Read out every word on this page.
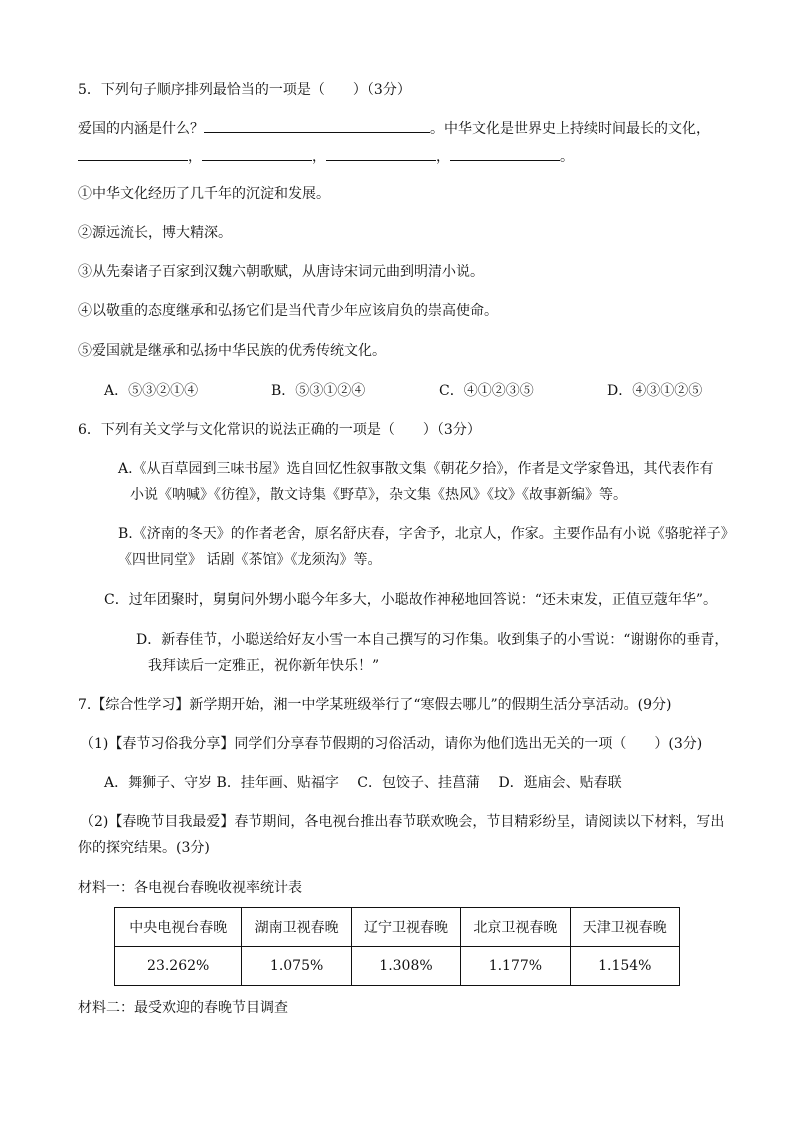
5．下列句子顺序排列最恰当的一项是（　　）（3分）
爱国的内涵是什么？	。中华文化是世界史上持续时间最长的文化，
，	，	，	。
①中华文化经历了几千年的沉淀和发展。
②源远流长，博大精深。
③从先秦诸子百家到汉魏六朝歌赋，从唐诗宋词元曲到明清小说。
④以敬重的态度继承和弘扬它们是当代青少年应该肩负的崇高使命。
⑤爱国就是继承和弘扬中华民族的优秀传统文化。
A．⑤③②①④	B．⑤③①②④	C．④①②③⑤	D．④③①②⑤
6．下列有关文学与文化常识的说法正确的一项是（　　）（3分）
A.《从百草园到三味书屋》选自回忆性叙事散文集《朝花夕拾》，作者是文学家鲁迅，其代表作有
小说《呐喊》《彷徨》，散文诗集《野草》，杂文集《热风》《坟》《故事新编》等。
B.《济南的冬天》的作者老舍，原名舒庆春，字舍予，北京人，作家。主要作品有小说《骆驼祥子》
《四世同堂》 话剧《茶馆》《龙须沟》等。
C．过年团聚时，舅舅问外甥小聪今年多大，小聪故作神秘地回答说：“还未束发，正值豆蔻年华”。
D．新春佳节，小聪送给好友小雪一本自己撰写的习作集。收到集子的小雪说：“谢谢你的垂青，
我拜读后一定雅正，祝你新年快乐！”
7.【综合性学习】新学期开始，湘一中学某班级举行了“寒假去哪儿”的假期生活分享活动。(9分)
（1)【春节习俗我分享】同学们分享春节假期的习俗活动，请你为他们选出无关的一项（　　）(3分)
A．舞狮子、守岁 B．挂年画、贴福字　 C．包饺子、挂菖蒲　 D．逛庙会、贴春联
（2)【春晚节目我最爱】春节期间，各电视台推出春节联欢晚会，节目精彩纷呈，请阅读以下材料，写出
你的探究结果。(3分)
材料一：各电视台春晚收视率统计表
中央电视台春晚	湖南卫视春晚	辽宁卫视春晚	北京卫视春晚	天津卫视春晚
23.262%	1.075%	1.308%	1.177%	1.154%
材料二：最受欢迎的春晚节目调查
